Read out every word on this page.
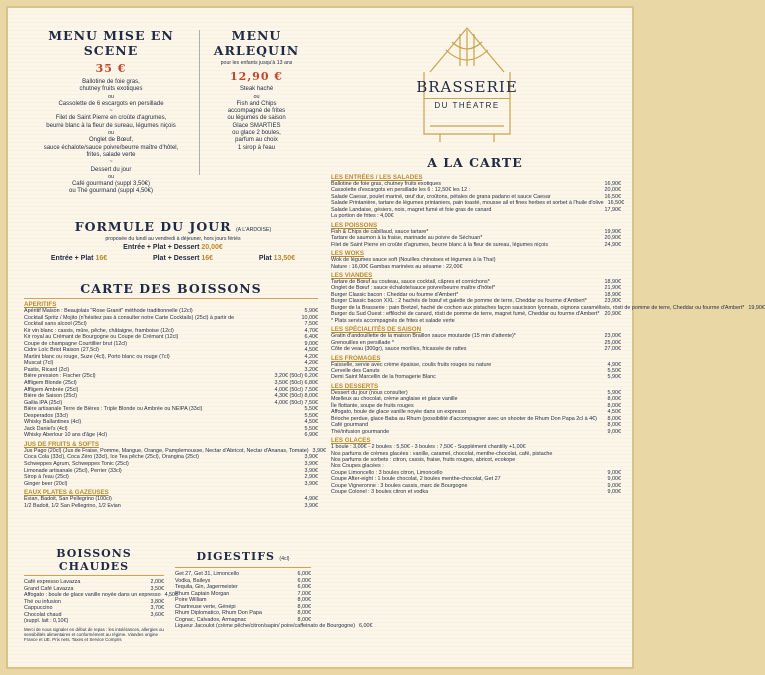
MENU MISE EN SCENE
35 €
Ballotine de foie gras,
chutney fruits exotiques
ou
Cassolette de 6 escargots en persillade
~
Filet de Saint Pierre en croûte d'agrumes,
beurre blanc à la fleur de sureau, légumes niçois
ou
Onglet de Bœuf,
sauce échalote/sauce poivre/beurre maître d'hôtel,
frites, salade verte
~
Dessert du jour
ou
Café gourmand (suppl 3,50€)
ou Thé gourmand (suppl 4,50€)
MENU ARLEQUIN
pour les enfants jusqu'à 13 ans
12,90 €
Steak haché
ou
Fish and Chips
accompagné de frites
ou légumes de saison
Glace SMARTIES
ou glace 2 boules,
parfum au choix
1 sirop à l'eau
BRASSERIE
DU THÉATRE
A LA CARTE
FORMULE DU JOUR (A L'ARDOISE)
proposée du lundi au vendredi à déjeuner, hors jours fériés
Entrée + Plat + Dessert 20,00€
Entrée + Plat 16€	Plat + Dessert 16€	Plat 13,50€
CARTE DES BOISSONS
APERITIFS
Apéritif Maison : Beaujolais "Rose Granit" méthode traditionnelle (12cl)	5,90€
Cocktail Spritz / Mojito (n'hésitez pas à consulter notre Carte Cocktails) (25cl) à partir de	10,00€
Cocktail sans alcool (25cl)	7,50€
Kir vin blanc : cassis, mûre, pêche, châtaigne, framboise (12cl)	4,70€
Kir royal au Crémant de Bourgogne ou Coupe de Crémant (12cl)	6,40€
Coupe de champagne Courtillier brut (12cl)	9,00€
Cidre Loïc Briot Raison (27,5cl)	4,50€
Martini blanc ou rouge, Suze (4cl), Porto blanc ou rouge (7cl)	4,20€
Muscat (7cl)	4,20€
Pastis, Ricard (2cl)	3,20€
Bière pression : Fischer (25cl)	3,20€ (50cl) 6,20€
Affligem Blonde (25cl)	3,50€ (50cl) 6,80€
Affligem Ambrée (25cl)	4,00€ (50cl) 7,50€
Bière de Saison (25cl)	4,30€ (50cl) 8,00€
Gallia IPA (25cl)	4,00€ (50cl) 7,50€
Bière artisanale Terre de Bières : Triple Blonde ou Ambrée ou NEIPA (33cl)	5,50€
Desperados (33cl)	5,50€
Whisky Ballantines (4cl)	4,50€
Jack Daniel's (4cl)	5,50€
Whisky Aberlour 10 ans d'âge (4cl)	6,90€
JUS DE FRUITS & SOFTS
Jus Pago (20cl) (Jus de Fraise, Pomme, Mangue, Orange, Pamplemousse, Nectar d'Abricot, Nectar d'Ananas, Tomate) 3,90€
Coca Cola (33cl), Coca Zéro (33cl), Ice Tea pêche (25cl), Orangina (25cl)	3,90€
Schweppes Agrum, Schweppes Tonic (25cl)	3,90€
Limonade artisanale (25cl), Perrier (33cl)	3,90€
Sirop à l'eau (25cl)	2,90€
Ginger beer (20cl)	3,90€
EAUX PLATES & GAZEUSES
Evian, Badoit, San Pellegrino (100cl)	4,90€
1/2 Badoit, 1/2 San Pellegrino, 1/2 Evian	3,90€
BOISSONS CHAUDES
Café expresso Lavazza	2,00€
Grand Café Lavazza	3,50€
Affogato : boule de glace vanille noyée dans un expresso 4,50€
Thé ou infusion	3,80€
Cappuccino	3,70€
Chocolat chaud	3,60€
(suppl. lait : 0,10€)
Merci de nous signaler en début de repas : les intolérances, allergies ou sensibilités alimentaires et conformément au régime. Viandes origine France et UE. Prix nets. Taxes et Service Compris
DIGESTIFS (4cl)
Get 27, Get 31, Limoncello	6,00€
Vodka, Baileys	6,00€
Tequila, Gin, Jagermeister	6,00€
Rhum Captain Morgan	7,00€
Poire William	8,00€
Chartreuse verte, Génépi	8,00€
Rhum Diplomatico, Rhum Don Papa	8,00€
Cognac, Calvados, Armagnac	8,00€
Liqueur Jacoulot (crème pêche/citron/sapin/ poire/caffeinato de Bourgogne) 6,00€
LES ENTRÉES / LES SALADES
Ballotine de foie gras, chutney fruits exotiques	16,90€
Cassolette d'escargots en persillade les 6 : 12,50€ les 12 :	20,00€
Salade Caesar, poulet mariné, œuf dur, croûtons, pétales de grana padano et sauce Caesar	16,50€
Salade Printanière, tartare de légumes printaniers, pain toasté, mousse ail et fines herbes et sorbet à l'huile d'olive 16,50€
Salade Landaise, gésiers, noix, magret fumé et foie gras de canard	17,90€
La portion de frites : 4,00€
LES POISSONS
Fish & Chips de cabillaud, sauce tartare*	19,90€
Tartare de saumon à la fraise, marinade au poivre de Séchuan*	20,90€
Filet de Saint Pierre en croûte d'agrumes, beurre blanc à la fleur de sureau, légumes niçois	24,90€
LES WOKS
Wok de légumes sauce soft (Nouilles chinoises et légumes à la Thaï)
Nature : 16,00€ Gambas marinées au sésame : 22,00€
LES VIANDES
Tartare de Bœuf au couteau, sauce cocktail, câpres et cornichons*	18,90€
Onglet de Bœuf : sauce échalote/sauce poivre/beurre maître d'hôtel*	21,90€
Burger Classic bacon : Cheddar ou fourme d'Ambert*	18,90€
Burger Classic bacon XXL : 2 hachés de bœuf et galette de pomme de terre, Cheddar ou fourme d'Ambert*	23,90€
Burger de la Brasserie : pain Bretzel, haché de cochon aux pistaches façon saucisson lyonnais, oignons caramélisés, rösti de pomme de terre, Cheddar ou fourme d'Ambert* 19,90€
Burger du Sud Ouest : effiloché de canard, rösti de pomme de terre, magret fumé, Cheddar ou fourme d'Ambert* 20,90€
* Plats servis accompagnés de frites et salade verte
LES SPÉCIALITÉS DE SAISON
Gratin d'andouillette de la maison Braillon sauce moutarde (15 min d'attente)*	23,00€
Grenouilles en persillade *	25,00€
Côte de veau (300gr), sauce morilles, fricassée de rattes	27,00€
LES FROMAGES
Faisselle, servie avec crème épaisse, coulis fruits rouges ou nature	4,90€
Cervelle des Canuts	5,50€
Demi Saint Marcellin de la fromagerie Blanc	5,90€
LES DESSERTS
Dessert du jour (nous consulter)	5,90€
Mœlleux au chocolat, crème anglaise et glace vanille	8,00€
Île flottante, soupe de fruits rouges	8,00€
Affogato, boule de glace vanille noyée dans un expresso	4,50€
Brioche perdue, glace Baba au Rhum (possibilité d'accompagner avec un shooter de Rhum Don Papa 2cl à 4€)	8,00€
Café gourmand	8,00€
Thé/infusion gourmande	9,00€
LES GLACES
1 boule : 3,00€ - 2 boules : 5,50€ - 3 boules : 7,50€ - Supplément chantilly +1,00€
Nos parfums de crèmes glacées : vanille, caramel, chocolat, menthe-chocolat, café, pistache
Nos parfums de sorbets : citron, cassis, fraise, fruits rouges, abricot, ecokope
Nos Coupes glacées :
Coupe Limoncello : 3 boules citron, Limoncello	9,00€
Coupe After-eight : 1 boule chocolat, 2 boules menthe-chocolat, Get 27	9,00€
Coupe Vigneronne : 3 boules cassis, marc de Bourgogne	9,00€
Coupe Colonel : 3 boules citron et vodka	9,00€
